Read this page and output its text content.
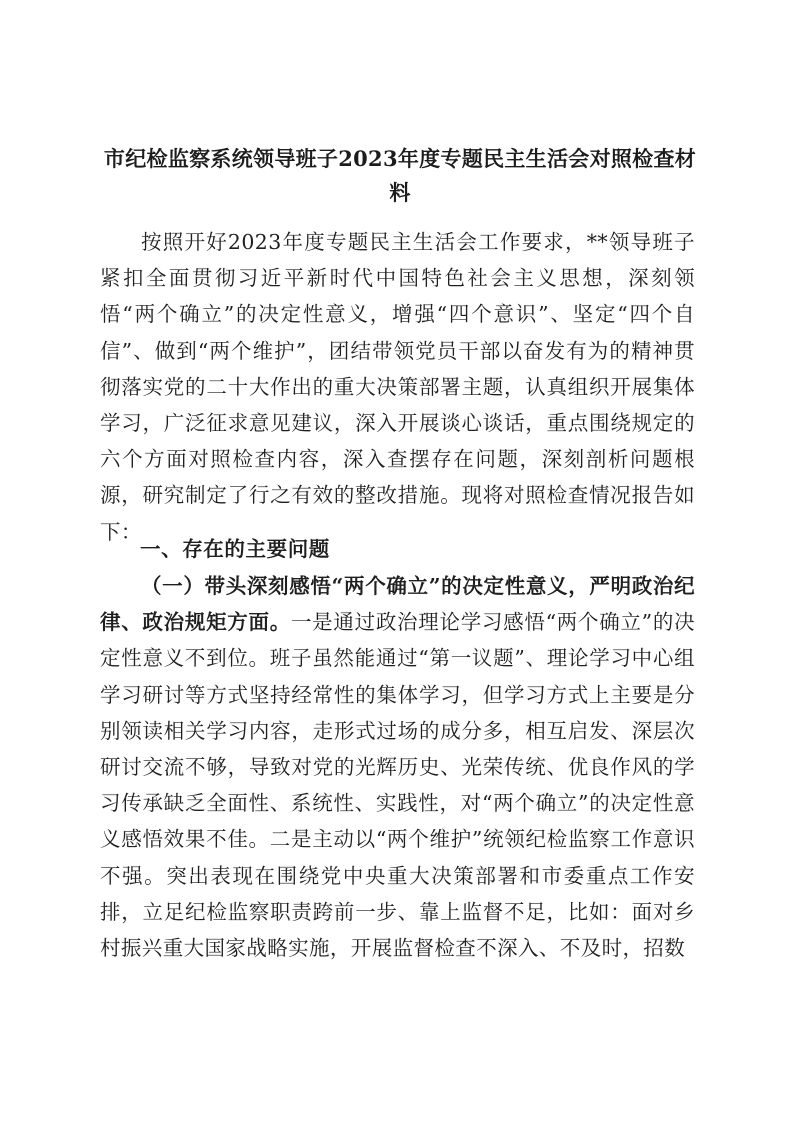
市纪检监察系统领导班子2023年度专题民主生活会对照检查材料
按照开好2023年度专题民主生活会工作要求，**领导班子紧扣全面贯彻习近平新时代中国特色社会主义思想，深刻领悟“两个确立”的决定性意义，增强“四个意识”、坚定“四个自信”、做到“两个维护”，团结带领党员干部以奋发有为的精神贯彻落实党的二十大作出的重大决策部署主题，认真组织开展集体学习，广泛征求意见建议，深入开展谈心谈话，重点围绕规定的六个方面对照检查内容，深入查摆存在问题，深刻剖析问题根源，研究制定了行之有效的整改措施。现将对照检查情况报告如下：
一、存在的主要问题
（一）带头深刻感悟“两个确立”的决定性意义，严明政治纪律、政治规矩方面。一是通过政治理论学习感悟“两个确立”的决定性意义不到位。班子虽然能通过“第一议题”、理论学习中心组学习研讨等方式坚持经常性的集体学习，但学习方式上主要是分别领读相关学习内容，走形式过场的成分多，相互启发、深层次研讨交流不够，导致对党的光辉历史、光荣传统、优良作风的学习传承缺乏全面性、系统性、实践性，对“两个确立”的决定性意义感悟效果不佳。二是主动以“两个维护”统领纪检监察工作意识不强。突出表现在围绕党中央重大决策部署和市委重点工作安排，立足纪检监察职责跨前一步、靠上监督不足，比如：面对乡村振兴重大国家战略实施，开展监督检查不深入、不及时，招数
